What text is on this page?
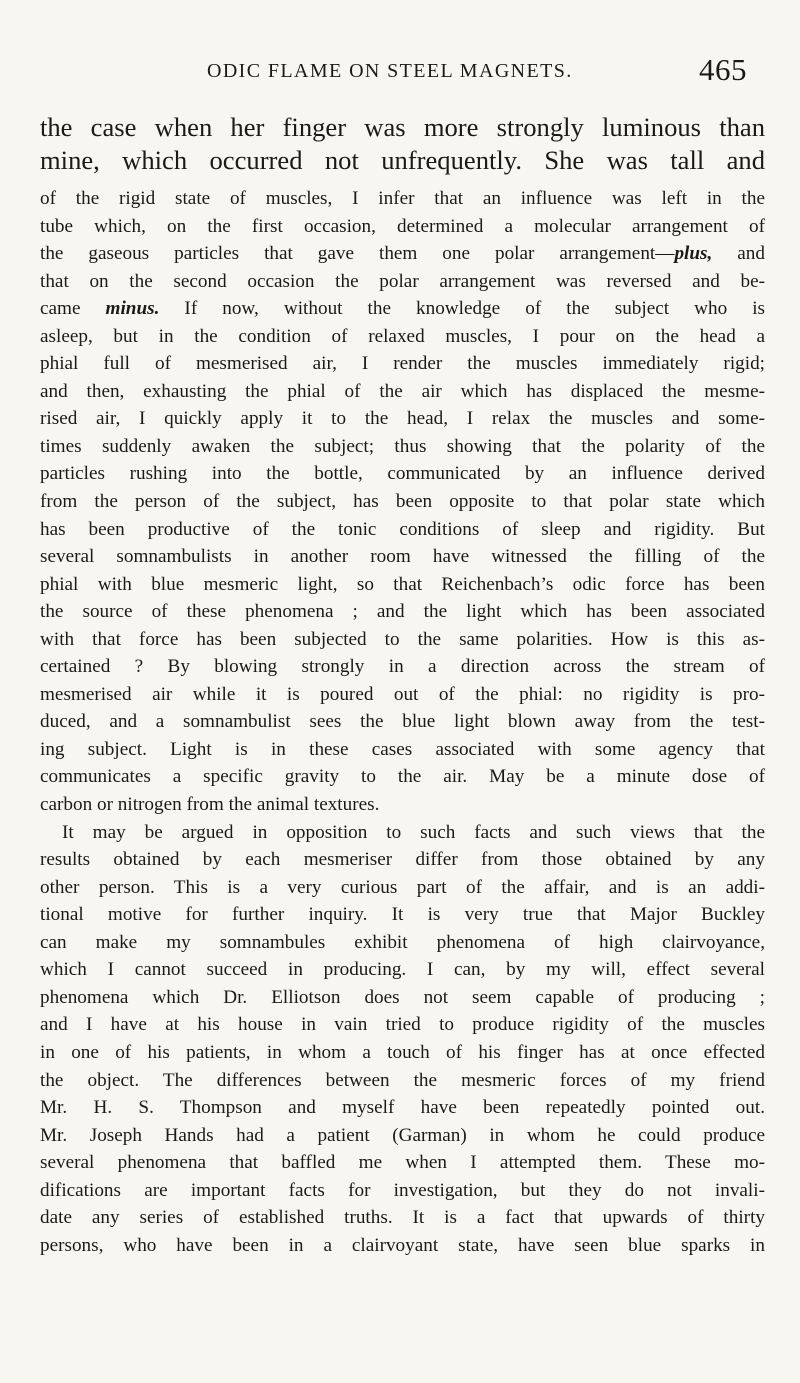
ODIC FLAME ON STEEL MAGNETS.	465
the case when her finger was more strongly luminous than
mine, which occurred not unfrequently. She was tall and
of the rigid state of muscles, I infer that an influence was left in the
tube which, on the first occasion, determined a molecular arrangement of
the gaseous particles that gave them one polar arrangement—plus, and
that on the second occasion the polar arrangement was reversed and be-
came minus. If now, without the knowledge of the subject who is
asleep, but in the condition of relaxed muscles, I pour on the head a
phial full of mesmerised air, I render the muscles immediately rigid;
and then, exhausting the phial of the air which has displaced the mesme-
rised air, I quickly apply it to the head, I relax the muscles and some-
times suddenly awaken the subject; thus showing that the polarity of the
particles rushing into the bottle, communicated by an influence derived
from the person of the subject, has been opposite to that polar state which
has been productive of the tonic conditions of sleep and rigidity. But
several somnambulists in another room have witnessed the filling of the
phial with blue mesmeric light, so that Reichenbach’s odic force has been
the source of these phenomena ; and the light which has been associated
with that force has been subjected to the same polarities. How is this as-
certained ? By blowing strongly in a direction across the stream of
mesmerised air while it is poured out of the phial: no rigidity is pro-
duced, and a somnambulist sees the blue light blown away from the test-
ing subject. Light is in these cases associated with some agency that
communicates a specific gravity to the air. May be a minute dose of
carbon or nitrogen from the animal textures.
It may be argued in opposition to such facts and such views that the
results obtained by each mesmeriser differ from those obtained by any
other person. This is a very curious part of the affair, and is an addi-
tional motive for further inquiry. It is very true that Major Buckley
can make my somnambules exhibit phenomena of high clairvoyance,
which I cannot succeed in producing. I can, by my will, effect several
phenomena which Dr. Elliotson does not seem capable of producing ;
and I have at his house in vain tried to produce rigidity of the muscles
in one of his patients, in whom a touch of his finger has at once effected
the object. The differences between the mesmeric forces of my friend
Mr. H. S. Thompson and myself have been repeatedly pointed out.
Mr. Joseph Hands had a patient (Garman) in whom he could produce
several phenomena that baffled me when I attempted them. These mo-
difications are important facts for investigation, but they do not invali-
date any series of established truths. It is a fact that upwards of thirty
persons, who have been in a clairvoyant state, have seen blue sparks in
